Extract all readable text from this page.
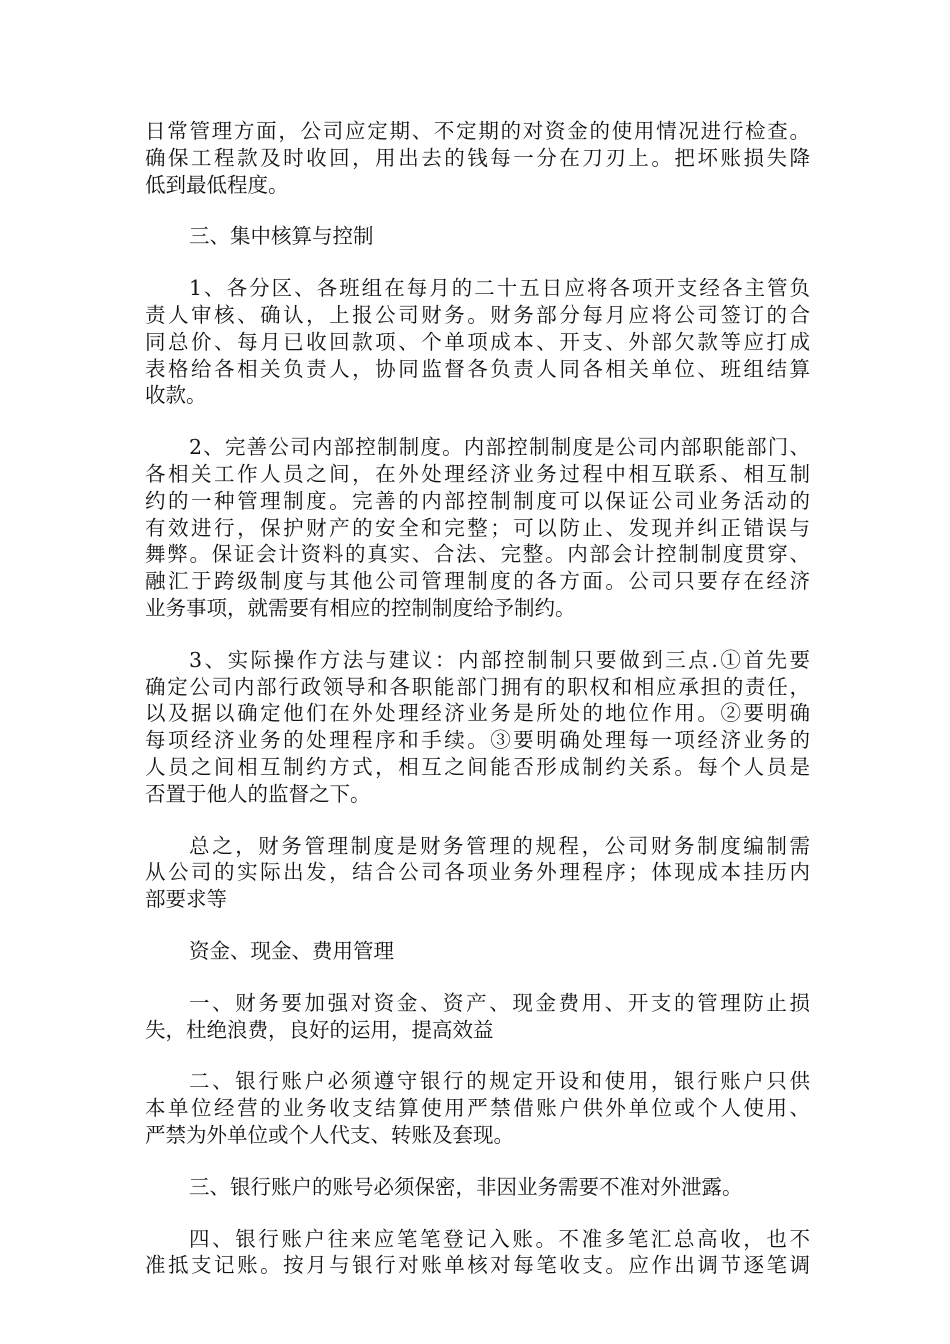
日常管理方面，公司应定期、不定期的对资金的使用情况进行检查。
确保工程款及时收回，用出去的钱每一分在刀刃上。把坏账损失降
低到最低程度。
三、集中核算与控制
1、各分区、各班组在每月的二十五日应将各项开支经各主管负
责人审核、确认，上报公司财务。财务部分每月应将公司签订的合
同总价、每月已收回款项、个单项成本、开支、外部欠款等应打成
表格给各相关负责人，协同监督各负责人同各相关单位、班组结算
收款。
2、完善公司内部控制制度。内部控制制度是公司内部职能部门、
各相关工作人员之间，在外处理经济业务过程中相互联系、相互制
约的一种管理制度。完善的内部控制制度可以保证公司业务活动的
有效进行，保护财产的安全和完整；可以防止、发现并纠正错误与
舞弊。保证会计资料的真实、合法、完整。内部会计控制制度贯穿、
融汇于跨级制度与其他公司管理制度的各方面。公司只要存在经济
业务事项，就需要有相应的控制制度给予制约。
3、实际操作方法与建议：内部控制制只要做到三点.①首先要
确定公司内部行政领导和各职能部门拥有的职权和相应承担的责任，
以及据以确定他们在外处理经济业务是所处的地位作用。②要明确
每项经济业务的处理程序和手续。③要明确处理每一项经济业务的
人员之间相互制约方式，相互之间能否形成制约关系。每个人员是
否置于他人的监督之下。
总之，财务管理制度是财务管理的规程，公司财务制度编制需
从公司的实际出发，结合公司各项业务外理程序；体现成本挂历内
部要求等
资金、现金、费用管理
一、财务要加强对资金、资产、现金费用、开支的管理防止损
失，杜绝浪费，良好的运用，提高效益
二、银行账户必须遵守银行的规定开设和使用，银行账户只供
本单位经营的业务收支结算使用严禁借账户供外单位或个人使用、
严禁为外单位或个人代支、转账及套现。
三、银行账户的账号必须保密，非因业务需要不准对外泄露。
四、银行账户往来应笔笔登记入账。不准多笔汇总高收，也不
准抵支记账。按月与银行对账单核对每笔收支。应作出调节逐笔调
